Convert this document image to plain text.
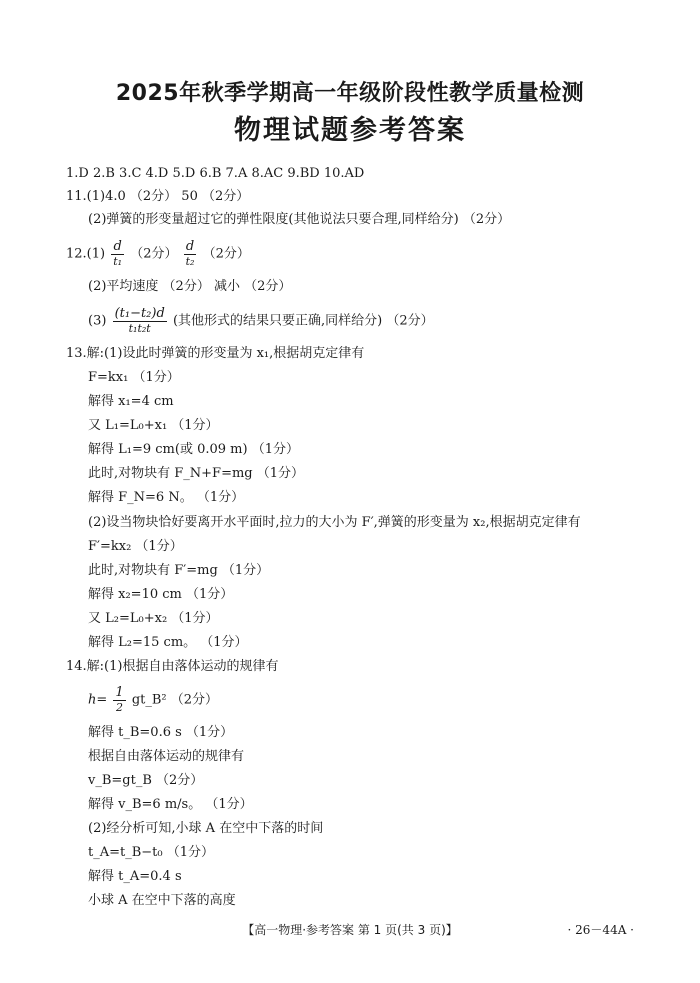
2025年秋季学期高一年级阶段性教学质量检测
物理试题参考答案
1.D 2.B 3.C 4.D 5.D 6.B 7.A 8.AC 9.BD 10.AD
11.(1)4.0 （2分） 50 （2分）
(2)弹簧的形变量超过它的弹性限度(其他说法只要合理,同样给分) （2分）
$12.(1) \frac{d}{\text{t₁}} (2$分） $\frac{d}{\text{t₂}} (2$分）
(2)平均速度 （2分） 减小 （2分）
$(3) \frac{\text{(t₁−t₂)d}}{\text{t₁t₂t}}$ (其他形式的结果只要正确,同样给分) （2分）
13.解:(1)设此时弹簧的形变量为 x₁,根据胡克定律有
F=kx₁ （1分）
解得 x₁=4 cm
又 L₁=L₀+x₁ （1分）
解得 L₁=9 cm(或 0.09 m) （1分）
此时,对物块有 F_N+F=mg （1分）
解得 F_N=6 N。 （1分）
(2)设当物块恰好要离开水平面时,拉力的大小为 F′,弹簧的形变量为 x₂,根据胡克定律有
F′=kx₂ （1分）
此时,对物块有 F′=mg （1分）
解得 x₂=10 cm （1分）
又 L₂=L₀+x₂ （1分）
解得 L₂=15 cm。 （1分）
14.解:(1)根据自由落体运动的规律有
$h= \frac{1}{2}$ gt_B² （2分）
解得 t_B=0.6 s （1分）
根据自由落体运动的规律有
v_B=gt_B （2分）
解得 v_B=6 m/s。 （1分）
(2)经分析可知,小球 A 在空中下落的时间
t_A=t_B−t₀ （1分）
解得 t_A=0.4 s
小球 A 在空中下落的高度
【高一物理·参考答案 第 1 页(共 3 页)】	· 26－44A ·
